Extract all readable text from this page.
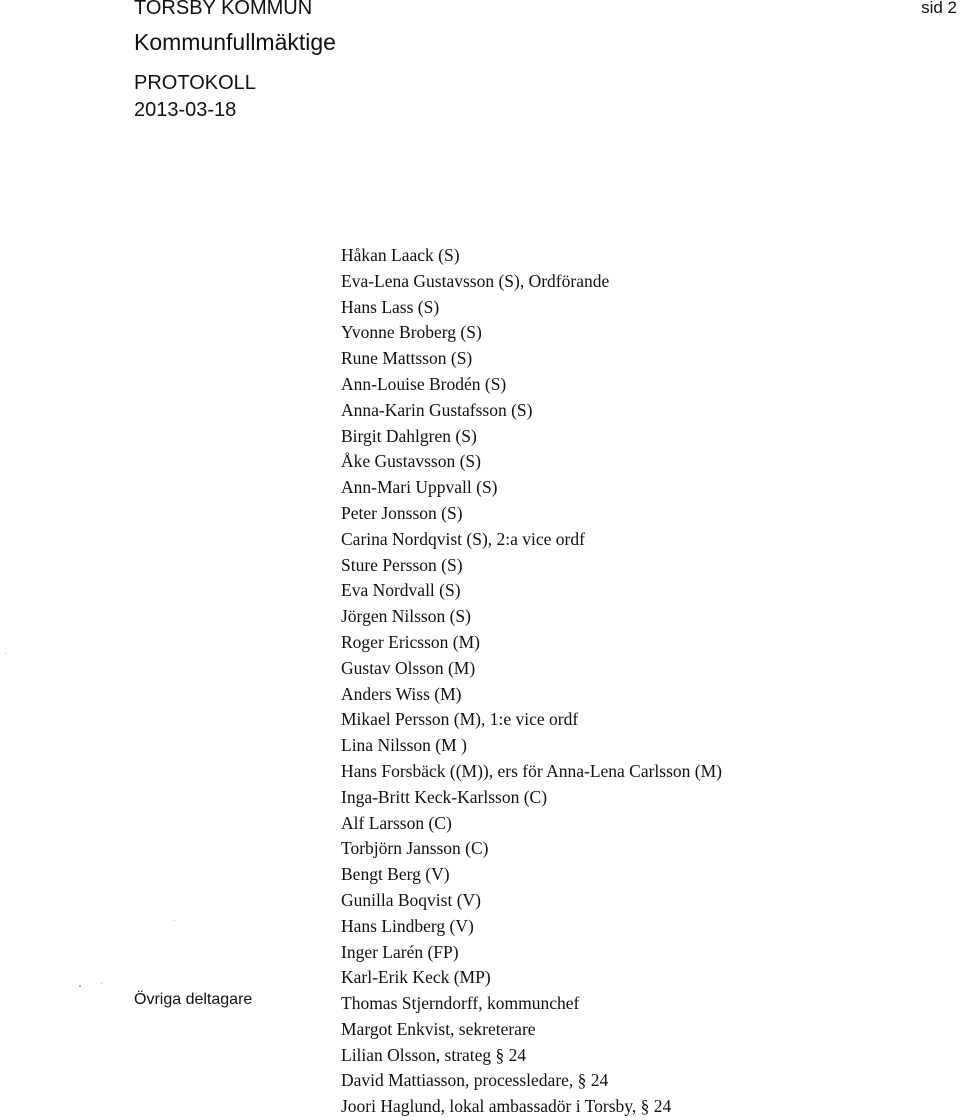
TORSBY KOMMUN
Kommunfullmäktige
PROTOKOLL
2013-03-18
sid 2
Håkan Laack (S)
Eva-Lena Gustavsson (S), Ordförande
Hans Lass (S)
Yvonne Broberg (S)
Rune Mattsson (S)
Ann-Louise Brodén (S)
Anna-Karin Gustafsson (S)
Birgit Dahlgren (S)
Åke Gustavsson (S)
Ann-Mari Uppvall (S)
Peter Jonsson (S)
Carina Nordqvist (S), 2:a vice ordf
Sture Persson (S)
Eva Nordvall (S)
Jörgen Nilsson (S)
Roger Ericsson (M)
Gustav Olsson (M)
Anders Wiss (M)
Mikael Persson (M), 1:e vice ordf
Lina Nilsson (M )
Hans Forsbäck ((M)), ers för Anna-Lena Carlsson (M)
Inga-Britt Keck-Karlsson (C)
Alf Larsson (C)
Torbjörn Jansson (C)
Bengt Berg (V)
Gunilla Boqvist (V)
Hans Lindberg (V)
Inger Larén (FP)
Karl-Erik Keck (MP)
Övriga deltagare	Thomas Stjerndorff, kommunchef
Margot Enkvist, sekreterare
Lilian Olsson, strateg § 24
David Mattiasson, processledare, § 24
Joori Haglund, lokal ambassadör i Torsby, § 24
